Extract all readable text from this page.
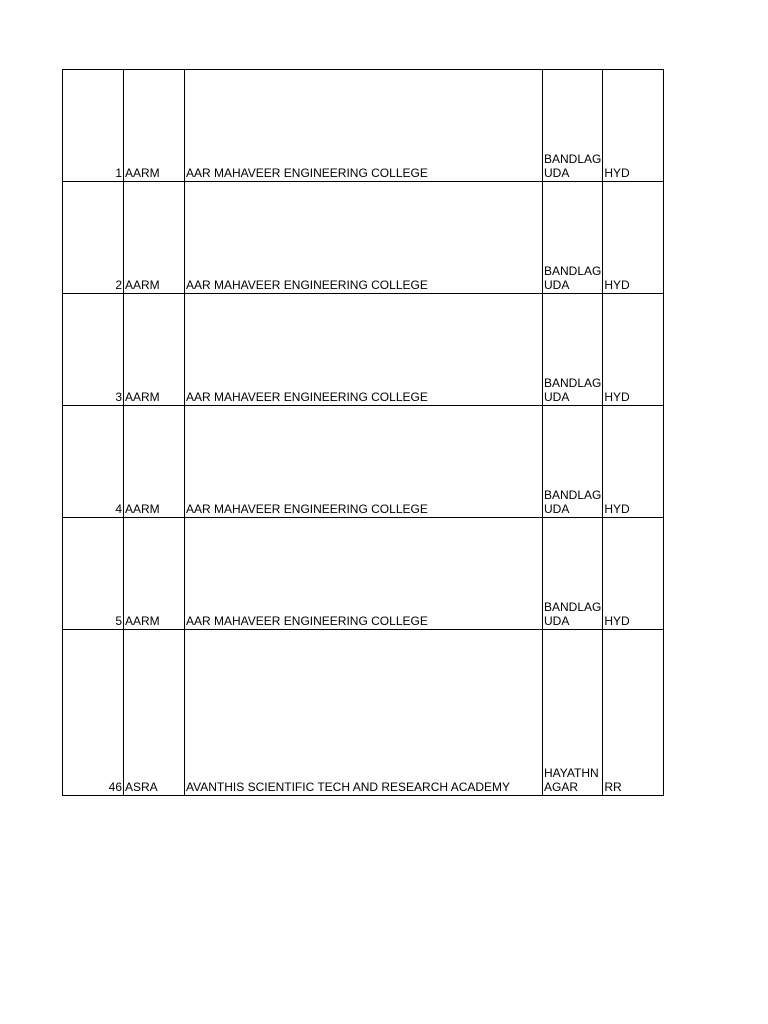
1	AARM	AAR MAHAVEER ENGINEERING COLLEGE	BANDLAG
UDA	HYD
2	AARM	AAR MAHAVEER ENGINEERING COLLEGE	BANDLAG
UDA	HYD
3	AARM	AAR MAHAVEER ENGINEERING COLLEGE	BANDLAG
UDA	HYD
4	AARM	AAR MAHAVEER ENGINEERING COLLEGE	BANDLAG
UDA	HYD
5	AARM	AAR MAHAVEER ENGINEERING COLLEGE	BANDLAG
UDA	HYD
46	ASRA	AVANTHIS SCIENTIFIC TECH AND RESEARCH ACADEMY	HAYATHN
AGAR	RR
